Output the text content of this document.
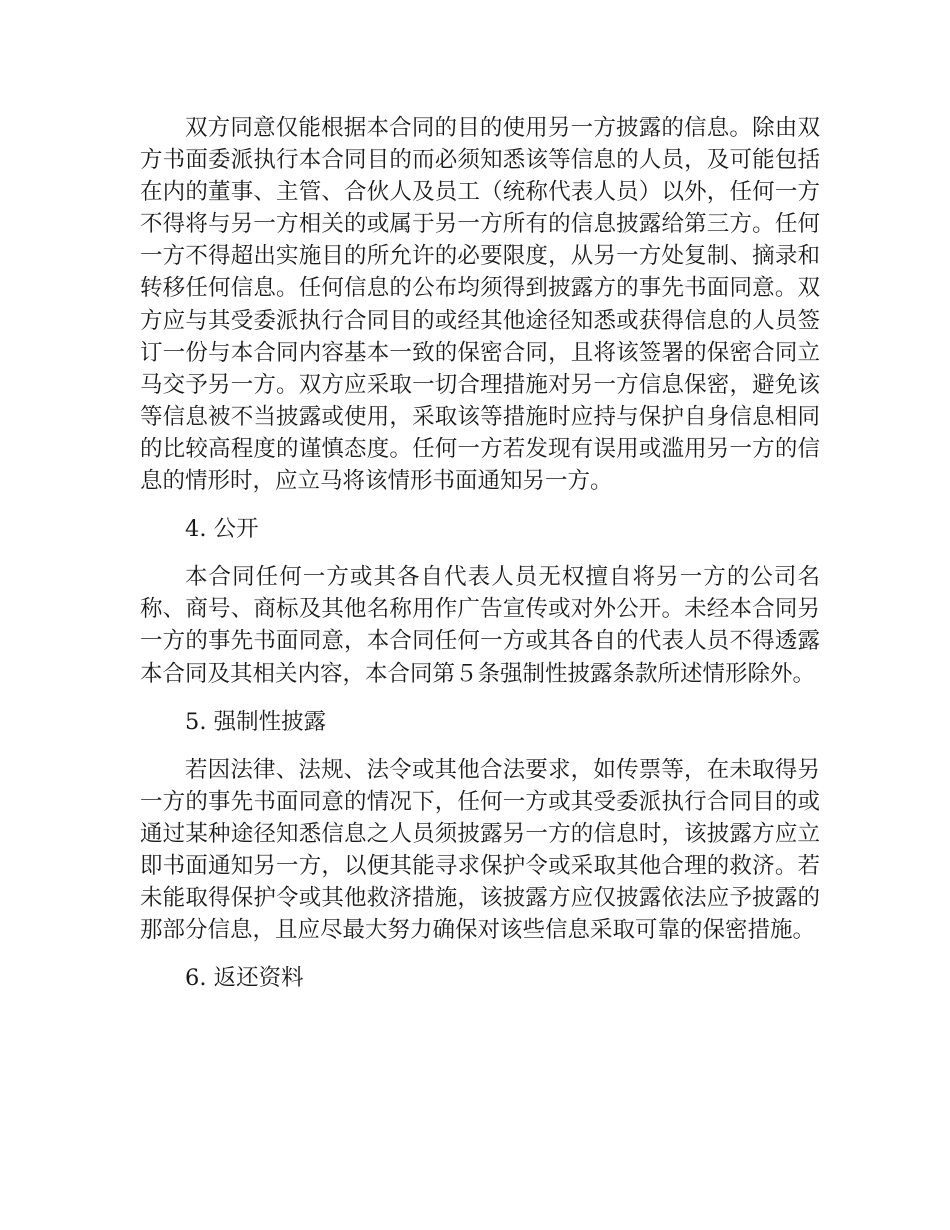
双方同意仅能根据本合同的目的使用另一方披露的信息。除由双方书面委派执行本合同目的而必须知悉该等信息的人员，及可能包括在内的董事、主管、合伙人及员工（统称代表人员）以外，任何一方不得将与另一方相关的或属于另一方所有的信息披露给第三方。任何一方不得超出实施目的所允许的必要限度，从另一方处复制、摘录和转移任何信息。任何信息的公布均须得到披露方的事先书面同意。双方应与其受委派执行合同目的或经其他途径知悉或获得信息的人员签订一份与本合同内容基本一致的保密合同，且将该签署的保密合同立马交予另一方。双方应采取一切合理措施对另一方信息保密，避免该等信息被不当披露或使用，采取该等措施时应持与保护自身信息相同的比较高程度的谨慎态度。任何一方若发现有误用或滥用另一方的信息的情形时，应立马将该情形书面通知另一方。

4. 公开

本合同任何一方或其各自代表人员无权擅自将另一方的公司名称、商号、商标及其他名称用作广告宣传或对外公开。未经本合同另一方的事先书面同意，本合同任何一方或其各自的代表人员不得透露本合同及其相关内容，本合同第５条强制性披露条款所述情形除外。

5. 强制性披露

若因法律、法规、法令或其他合法要求，如传票等，在未取得另一方的事先书面同意的情况下，任何一方或其受委派执行合同目的或通过某种途径知悉信息之人员须披露另一方的信息时，该披露方应立即书面通知另一方，以便其能寻求保护令或采取其他合理的救济。若未能取得保护令或其他救济措施，该披露方应仅披露依法应予披露的那部分信息，且应尽最大努力确保对该些信息采取可靠的保密措施。

6. 返还资料
